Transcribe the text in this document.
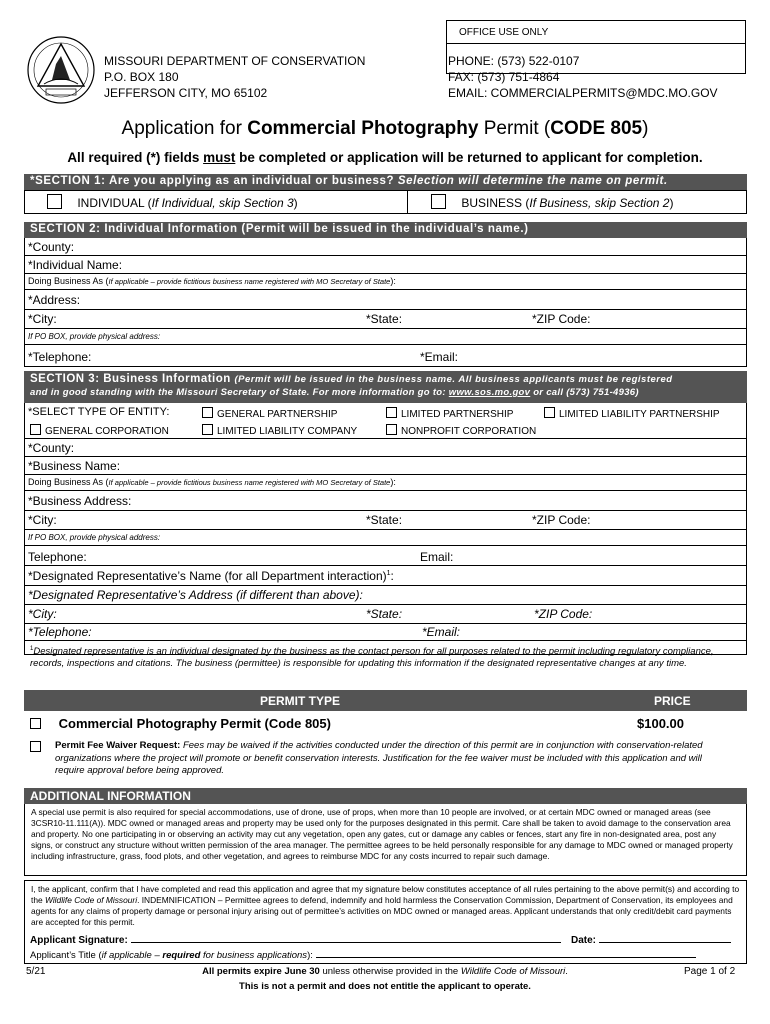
OFFICE USE ONLY
MISSOURI DEPARTMENT OF CONSERVATION
P.O. BOX 180
JEFFERSON CITY, MO 65102
PHONE: (573) 522-0107
FAX: (573) 751-4864
EMAIL: COMMERCIALPERMITS@MDC.MO.GOV
Application for Commercial Photography Permit (CODE 805)
All required (*) fields must be completed or application will be returned to applicant for completion.
*SECTION 1: Are you applying as an individual or business? Selection will determine the name on permit.
INDIVIDUAL (If Individual, skip Section 3)	BUSINESS (If Business, skip Section 2)
SECTION 2: Individual Information (Permit will be issued in the individual’s name.)
*County:
*Individual Name:
Doing Business As (If applicable – provide fictitious business name registered with MO Secretary of State):
*Address:
*City:	*State:	*ZIP Code:
If PO BOX, provide physical address:
*Telephone:	*Email:
SECTION 3: Business Information (Permit will be issued in the business name. All business applicants must be registered
and in good standing with the Missouri Secretary of State. For more information go to: www.sos.mo.gov or call (573) 751-4936)
*SELECT TYPE OF ENTITY:	GENERAL PARTNERSHIP	LIMITED PARTNERSHIP	LIMITED LIABILITY PARTNERSHIP
GENERAL CORPORATION	LIMITED LIABILITY COMPANY	NONPROFIT CORPORATION
*County:
*Business Name:
Doing Business As (If applicable – provide fictitious business name registered with MO Secretary of State):
*Business Address:
*City:	*State:	*ZIP Code:
If PO BOX, provide physical address:
Telephone:	Email:
*Designated Representative’s Name (for all Department interaction)$^1$:
*Designated Representative’s Address (if different than above):
*City:	*State:	*ZIP Code:
*Telephone:	*Email:
$^1$Designated representative is an individual designated by the business as the contact person for all purposes related to the permit including regulatory compliance, records, inspections and citations. The business (permittee) is responsible for updating this information if the designated representative changes at any time.
PERMIT TYPE	PRICE
Commercial Photography Permit (Code 805)	$100.00
Permit Fee Waiver Request: Fees may be waived if the activities conducted under the direction of this permit are in conjunction with conservation-related organizations where the project will promote or benefit conservation interests. Justification for the fee waiver must be included with this application and will require approval before being approved.
ADDITIONAL INFORMATION
A special use permit is also required for special accommodations, use of drone, use of props, when more than 10 people are involved, or at certain MDC owned or managed areas (see 3CSR10-11.111(A)). MDC owned or managed areas and property may be used only for the purposes designated in this permit. Care shall be taken to avoid damage to the conservation area and property. No one participating in or observing an activity may cut any vegetation, open any gates, cut or damage any cables or fences, start any fire in non-designated area, post any signs, or construct any structure without written permission of the area manager. The permittee agrees to be held personally responsible for any damage to MDC owned or managed property including infrastructure, grass, food plots, and other vegetation, and agrees to reimburse MDC for any costs incurred to repair such damage.
I, the applicant, confirm that I have completed and read this application and agree that my signature below constitutes acceptance of all rules pertaining to the above permit(s) and according to the Wildlife Code of Missouri. INDEMNIFICATION – Permittee agrees to defend, indemnify and hold harmless the Conservation Commission, Department of Conservation, its employees and agents for any claims of property damage or personal injury arising out of permittee’s activities on MDC owned or managed areas. Applicant understands that only credit/debit card payments are accepted for this permit.
Applicant Signature:	Date:
Applicant’s Title (if applicable – required for business applications):
5/21	All permits expire June 30 unless otherwise provided in the Wildlife Code of Missouri.	Page 1 of 2
This is not a permit and does not entitle the applicant to operate.
